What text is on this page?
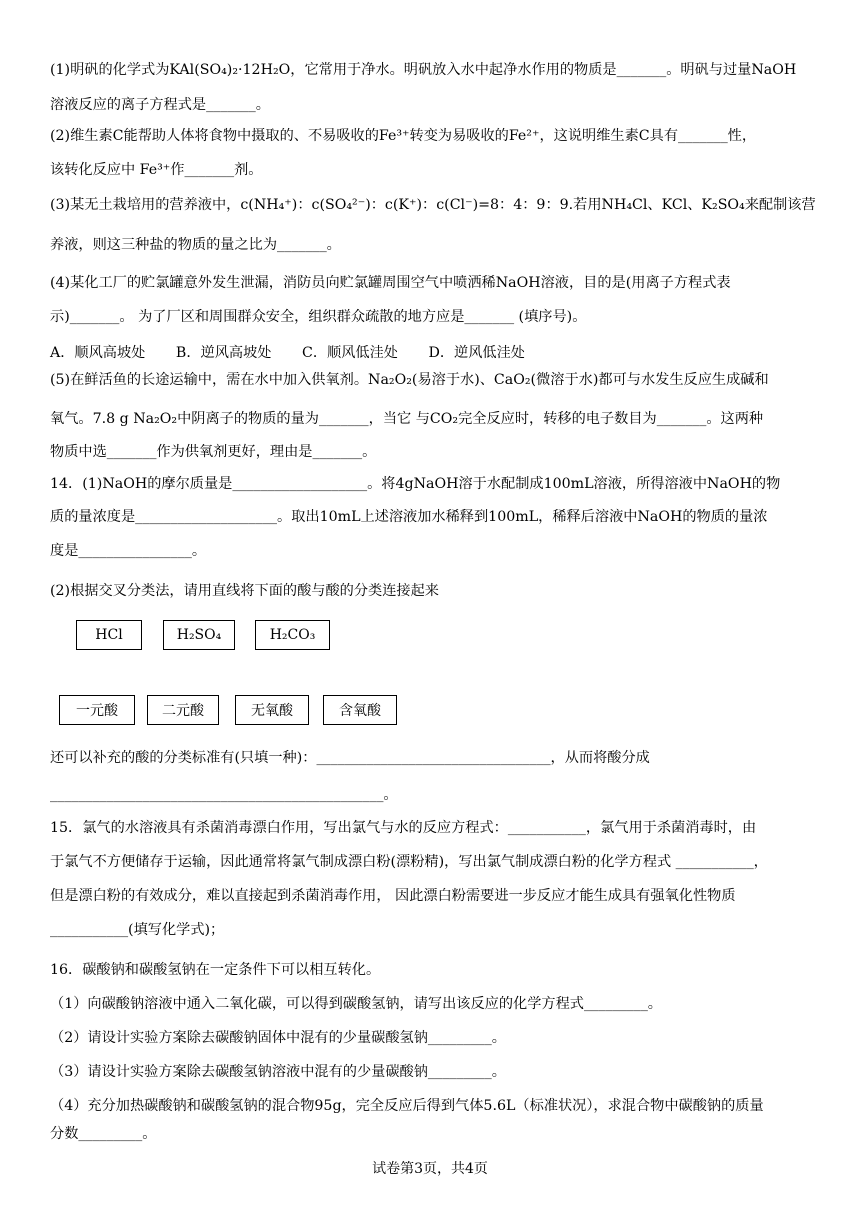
(1)明矾的化学式为KAl(SO₄)₂·12H₂O，它常用于净水。明矾放入水中起净水作用的物质是_______。明矾与过量NaOH
溶液反应的离子方程式是_______。
(2)维生素C能帮助人体将食物中摄取的、不易吸收的Fe³⁺转变为易吸收的Fe²⁺，这说明维生素C具有_______性，
该转化反应中 Fe³⁺作_______剂。
(3)某无土栽培用的营养液中，c(NH₄⁺)：c(SO₄²⁻)：c(K⁺)：c(Cl⁻)=8：4：9：9.若用NH₄Cl、KCl、K₂SO₄来配制该营
养液，则这三种盐的物质的量之比为_______。
(4)某化工厂的贮氯罐意外发生泄漏，消防员向贮氯罐周围空气中喷洒稀NaOH溶液，目的是(用离子方程式表
示)_______。 为了厂区和周围群众安全，组织群众疏散的地方应是_______ (填序号)。
(5)在鲜活鱼的长途运输中，需在水中加入供氧剂。Na₂O₂(易溶于水)、CaO₂(微溶于水)都可与水发生反应生成碱和
氧气。7.8 g Na₂O₂中阴离子的物质的量为_______，当它 与CO₂完全反应时，转移的电子数目为_______。这两种
物质中选_______作为供氧剂更好，理由是_______。
14．(1)NaOH的摩尔质量是___________________。将4gNaOH溶于水配制成100mL溶液，所得溶液中NaOH的物
质的量浓度是____________________。取出10mL上述溶液加水稀释到100mL，稀释后溶液中NaOH的物质的量浓
度是________________。
(2)根据交叉分类法，请用直线将下面的酸与酸的分类连接起来
还可以补充的酸的分类标准有(只填一种)：_________________________________，从而将酸分成
_______________________________________________。
15．氯气的水溶液具有杀菌消毒漂白作用，写出氯气与水的反应方程式：___________，氯气用于杀菌消毒时，由
于氯气不方便储存于运输，因此通常将氯气制成漂白粉(漂粉精)，写出氯气制成漂白粉的化学方程式 ___________，
但是漂白粉的有效成分，难以直接起到杀菌消毒作用， 因此漂白粉需要进一步反应才能生成具有强氧化性物质
___________(填写化学式)；
16．碳酸钠和碳酸氢钠在一定条件下可以相互转化。
（1）向碳酸钠溶液中通入二氧化碳，可以得到碳酸氢钠，请写出该反应的化学方程式_________。
（2）请设计实验方案除去碳酸钠固体中混有的少量碳酸氢钠_________。
（3）请设计实验方案除去碳酸氢钠溶液中混有的少量碳酸钠_________。
（4）充分加热碳酸钠和碳酸氢钠的混合物95g，完全反应后得到气体5.6L（标准状况），求混合物中碳酸钠的质量
分数_________。
A．顺风高坡处 B．逆风高坡处 C．顺风低洼处 D．逆风低洼处
HCl	H₂SO₄	H₂CO₃
一元酸	二元酸	无氧酸	含氧酸
试卷第3页，共4页
